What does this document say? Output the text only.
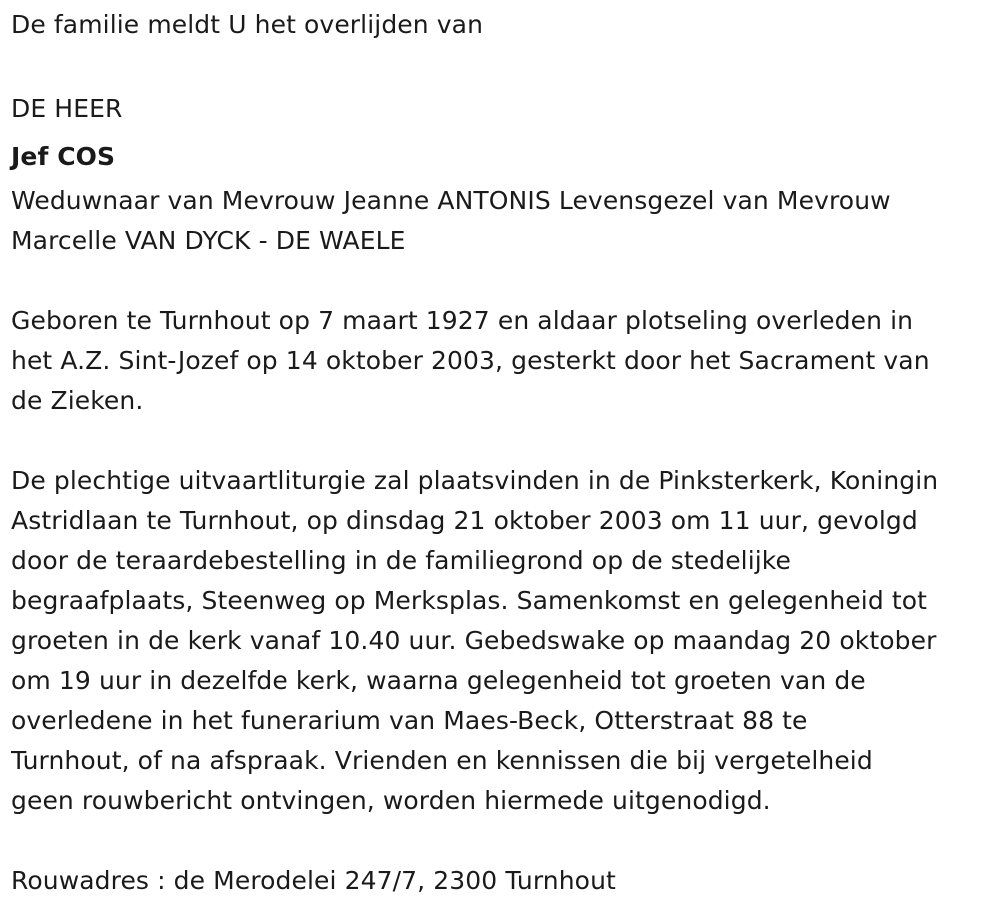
De familie meldt U het overlijden van
DE HEER
Jef COS
Weduwnaar van Mevrouw Jeanne ANTONIS Levensgezel van Mevrouw
Marcelle VAN DYCK - DE WAELE
Geboren te Turnhout op 7 maart 1927 en aldaar plotseling overleden in
het A.Z. Sint-Jozef op 14 oktober 2003, gesterkt door het Sacrament van
de Zieken.
De plechtige uitvaartliturgie zal plaatsvinden in de Pinksterkerk, Koningin
Astridlaan te Turnhout, op dinsdag 21 oktober 2003 om 11 uur, gevolgd
door de teraardebestelling in de familiegrond op de stedelijke
begraafplaats, Steenweg op Merksplas. Samenkomst en gelegenheid tot
groeten in de kerk vanaf 10.40 uur. Gebedswake op maandag 20 oktober
om 19 uur in dezelfde kerk, waarna gelegenheid tot groeten van de
overledene in het funerarium van Maes-Beck, Otterstraat 88 te
Turnhout, of na afspraak. Vrienden en kennissen die bij vergetelheid
geen rouwbericht ontvingen, worden hiermede uitgenodigd.
Rouwadres : de Merodelei 247/7, 2300 Turnhout
